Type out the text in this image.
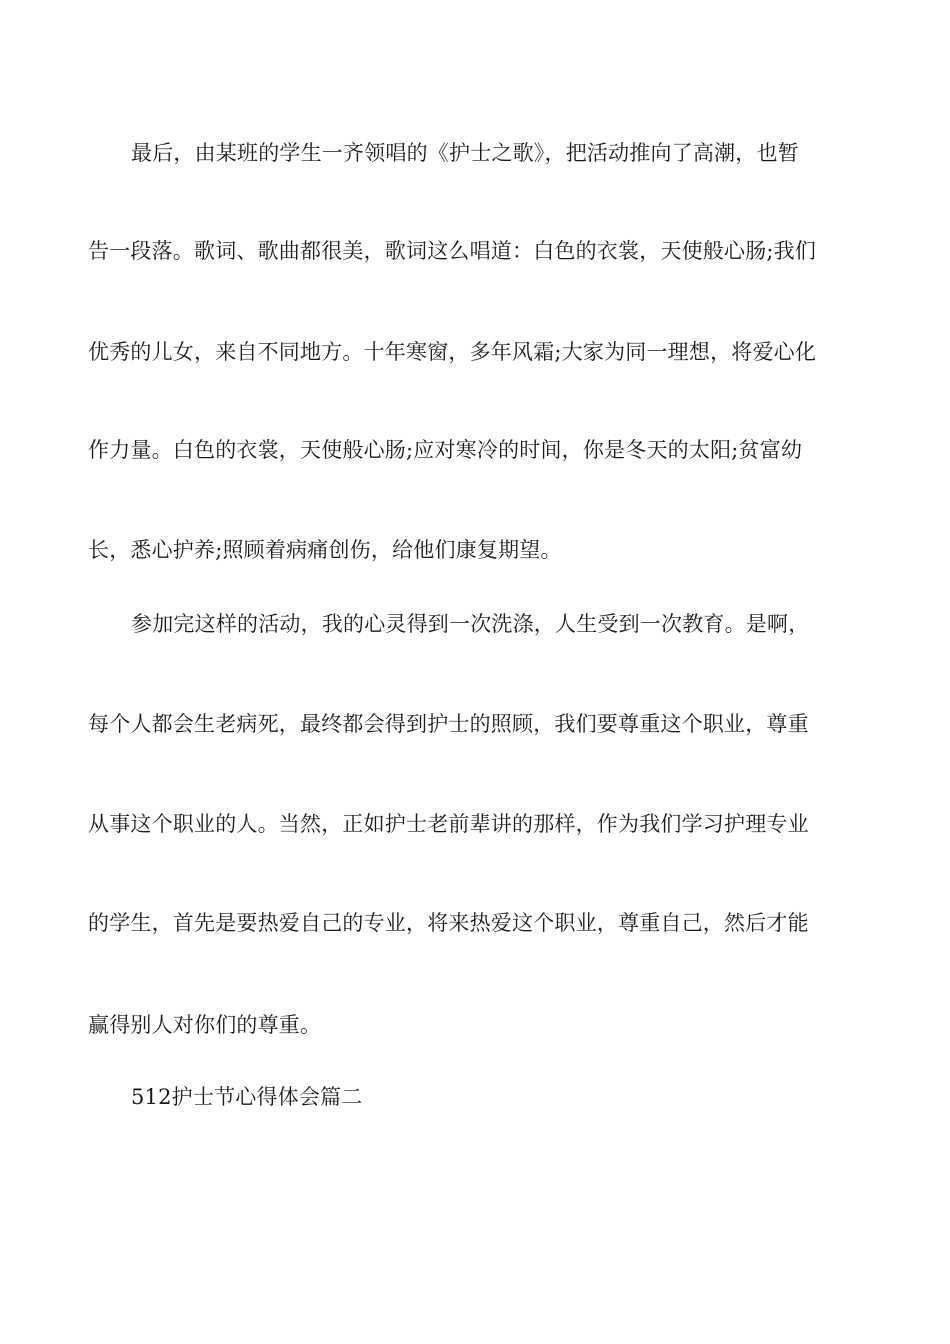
最后，由某班的学生一齐领唱的《护士之歌》，把活动推向了高潮，也暂
告一段落。歌词、歌曲都很美，歌词这么唱道：白色的衣裳，天使般心肠;我们
优秀的儿女，来自不同地方。十年寒窗，多年风霜;大家为同一理想，将爱心化
作力量。白色的衣裳，天使般心肠;应对寒冷的时间，你是冬天的太阳;贫富幼
长，悉心护养;照顾着病痛创伤，给他们康复期望。
参加完这样的活动，我的心灵得到一次洗涤，人生受到一次教育。是啊，
每个人都会生老病死，最终都会得到护士的照顾，我们要尊重这个职业，尊重
从事这个职业的人。当然，正如护士老前辈讲的那样，作为我们学习护理专业
的学生，首先是要热爱自己的专业，将来热爱这个职业，尊重自己，然后才能
赢得别人对你们的尊重。
512护士节心得体会篇二
